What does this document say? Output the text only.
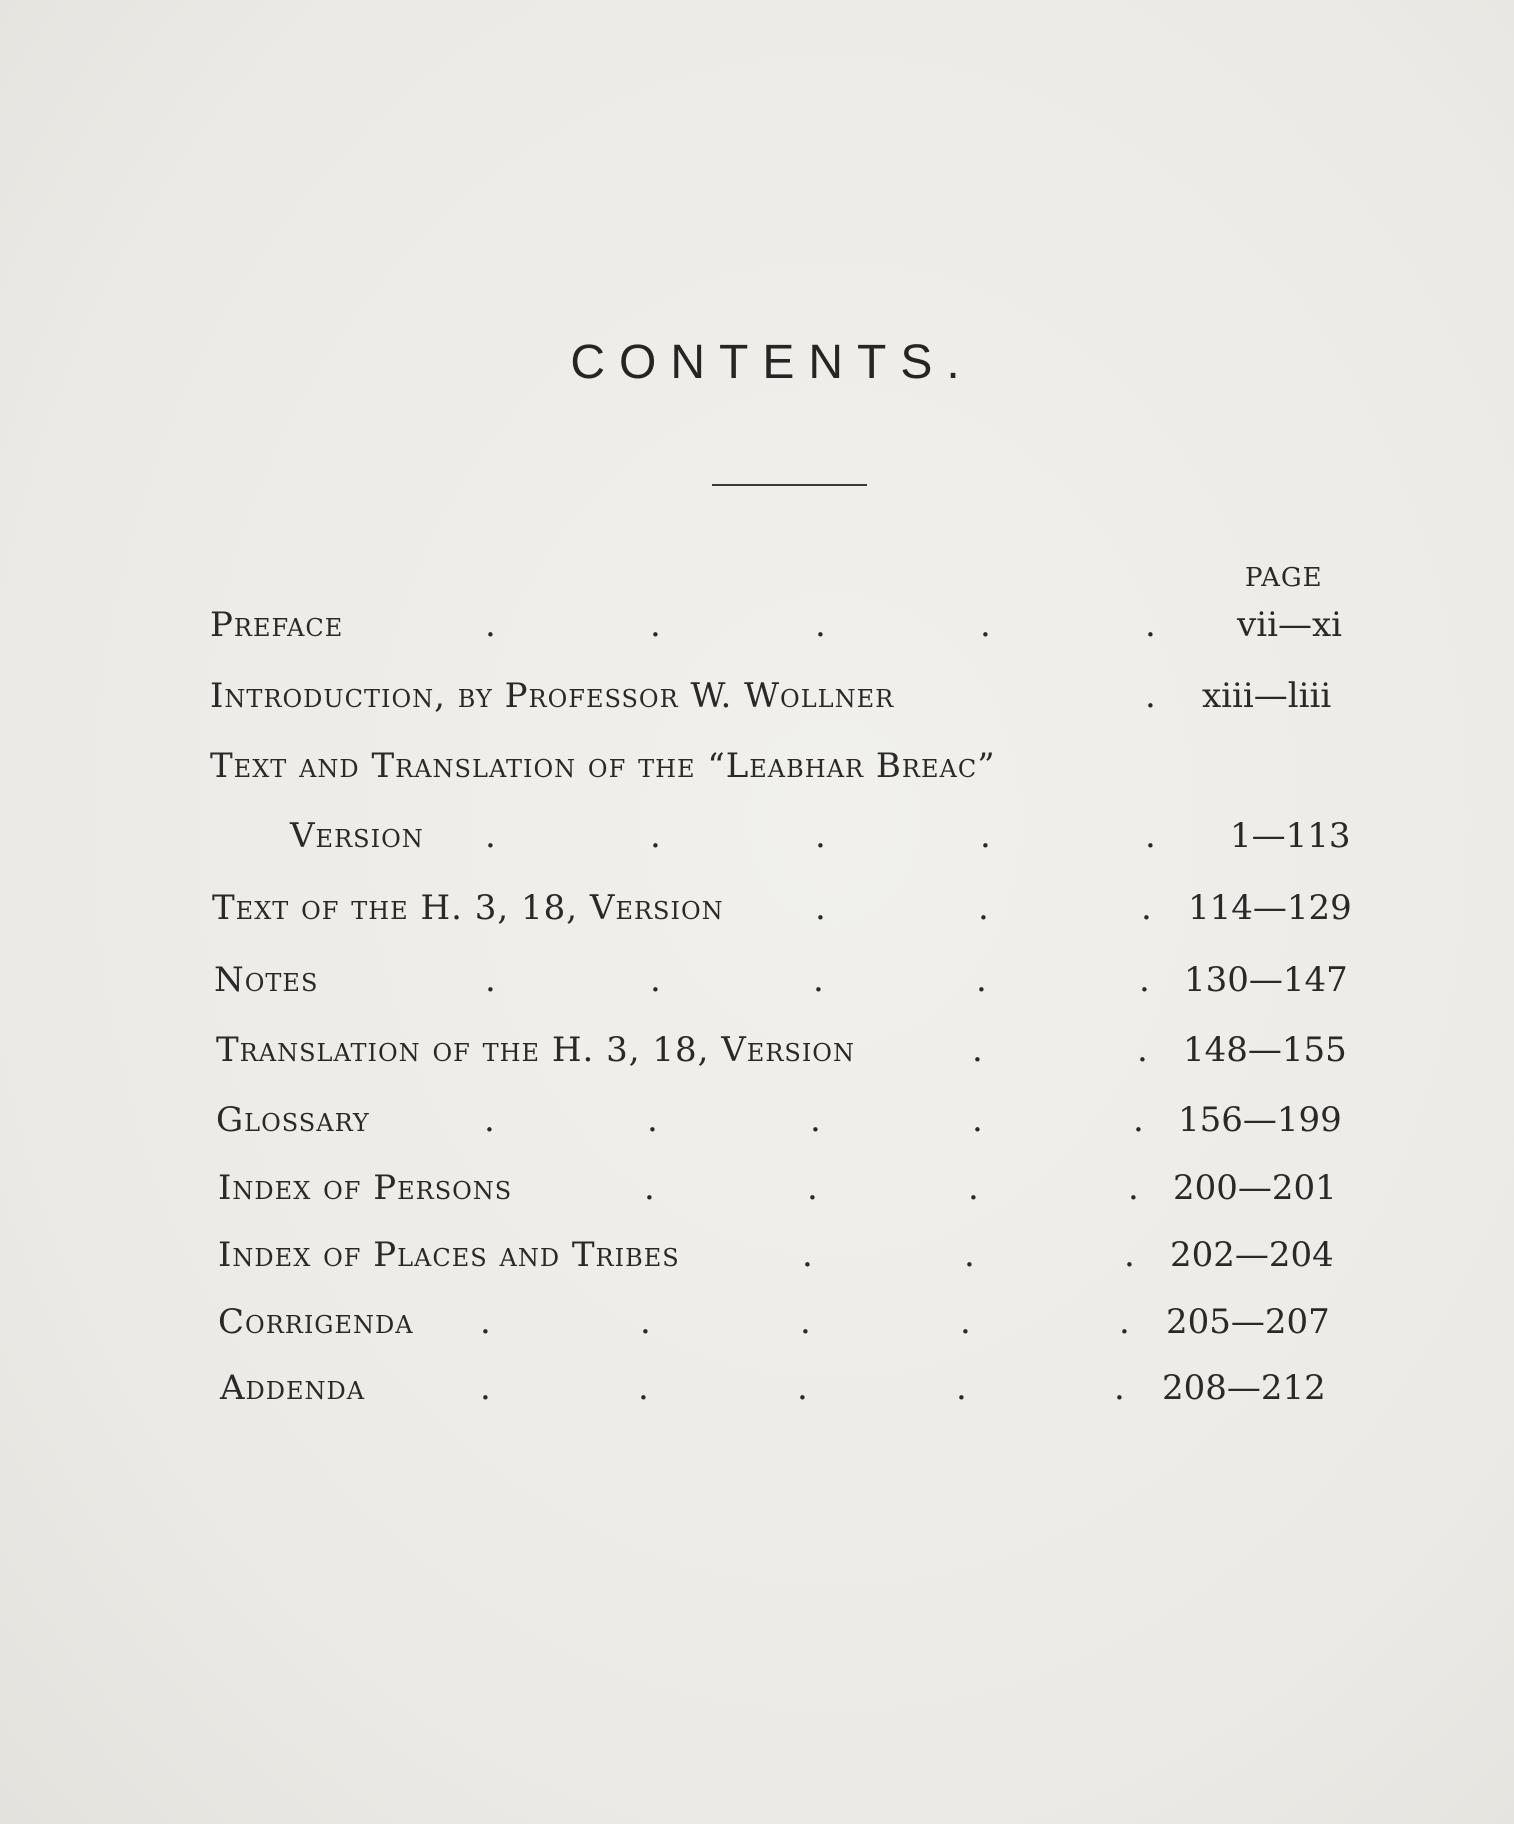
CONTENTS.
PAGE
Preface	.	.	.	.	. vii—xi
Introduction, by Professor W. Wollner	. xiii—liii
Text and Translation of the “Leabhar Breac”
Version .	.	.	.	. 1—113
Text of the H. 3, 18, Version	.	.	. 114—129
Notes	.	.	.	.	. 130—147
Translation of the H. 3, 18, Version	.	. 148—155
Glossary	.	.	.	.	. 156—199
Index of Persons	.	.	.	. 200—201
Index of Places and Tribes	.	.	. 202—204
Corrigenda .	.	.	.	. 205—207
Addenda	.	.	.	.	. 208—212
